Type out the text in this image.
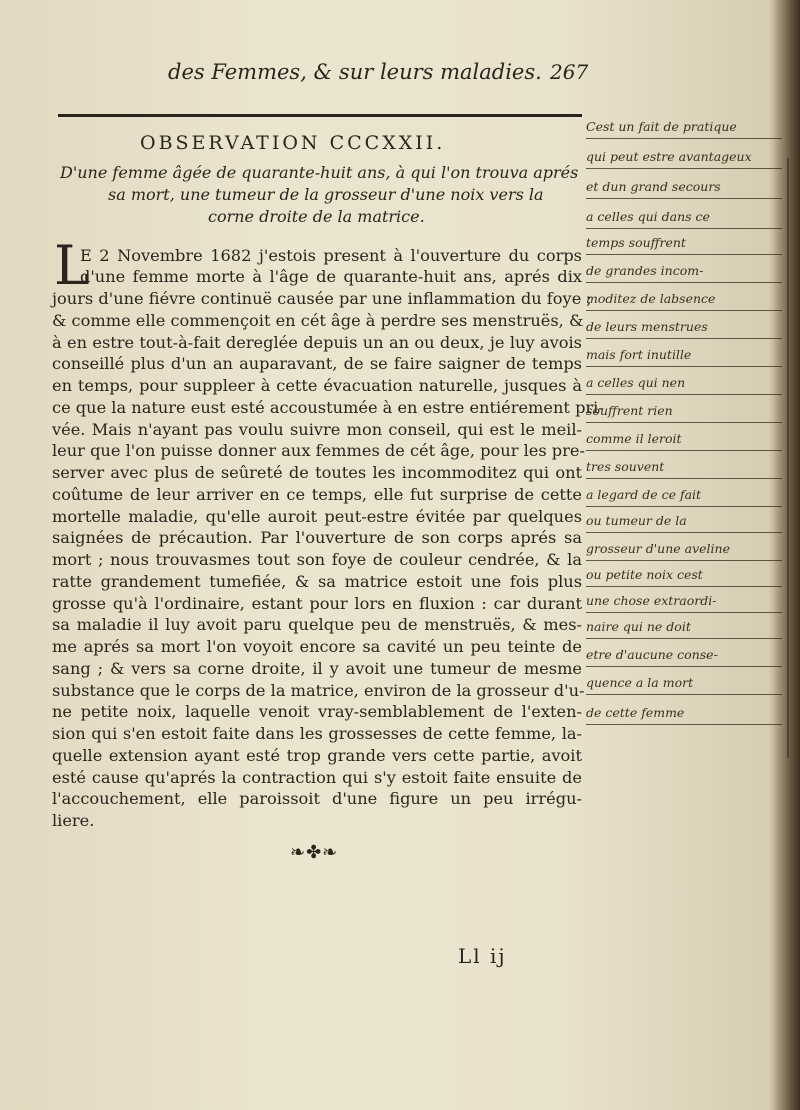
des Femmes, & sur leurs maladies. 267
OBSERVATION CCCXXII.
D'une femme âgée de quarante-huit ans, à qui l'on trouva aprés
sa mort, une tumeur de la grosseur d'une noix vers la
corne droite de la matrice.
L
E 2 Novembre 1682 j'estois present à l'ouverture du corps
d'une femme morte à l'âge de quarante-huit ans, aprés dix
jours d'une fiévre continuë causée par une inflammation du foye ;
& comme elle commençoit en cét âge à perdre ses menstruës, &
à en estre tout-à-fait dereglée depuis un an ou deux, je luy avois
conseillé plus d'un an auparavant, de se faire saigner de temps
en temps, pour suppleer à cette évacuation naturelle, jusques à
ce que la nature eust esté accoustumée à en estre entiérement pri-
vée. Mais n'ayant pas voulu suivre mon conseil, qui est le meil-
leur que l'on puisse donner aux femmes de cét âge, pour les pre-
server avec plus de seûreté de toutes les incommoditez qui ont
coûtume de leur arriver en ce temps, elle fut surprise de cette
mortelle maladie, qu'elle auroit peut-estre évitée par quelques
saignées de précaution. Par l'ouverture de son corps aprés sa
mort ; nous trouvasmes tout son foye de couleur cendrée, & la
ratte grandement tumefiée, & sa matrice estoit une fois plus
grosse qu'à l'ordinaire, estant pour lors en fluxion : car durant
sa maladie il luy avoit paru quelque peu de menstruës, & mes-
me aprés sa mort l'on voyoit encore sa cavité un peu teinte de
sang ; & vers sa corne droite, il y avoit une tumeur de mesme
substance que le corps de la matrice, environ de la grosseur d'u-
ne petite noix, laquelle venoit vray-semblablement de l'exten-
sion qui s'en estoit faite dans les grossesses de cette femme, la-
quelle extension ayant esté trop grande vers cette partie, avoit
esté cause qu'aprés la contraction qui s'y estoit faite ensuite de
l'accouchement, elle paroissoit d'une figure un peu irrégu-
liere.
❧✤❧
Ll ij
Cest un fait de pratique
qui peut estre avantageux
et dun grand secours
a celles qui dans ce
temps souffrent
de grandes incom-
moditez de labsence
de leurs menstrues
mais fort inutille
a celles qui nen
souffrent rien
comme il leroit
tres souvent
a legard de ce fait
ou tumeur de la
grosseur d'une aveline
ou petite noix cest
une chose extraordi-
naire qui ne doit
etre d'aucune conse-
quence a la mort
de cette femme
